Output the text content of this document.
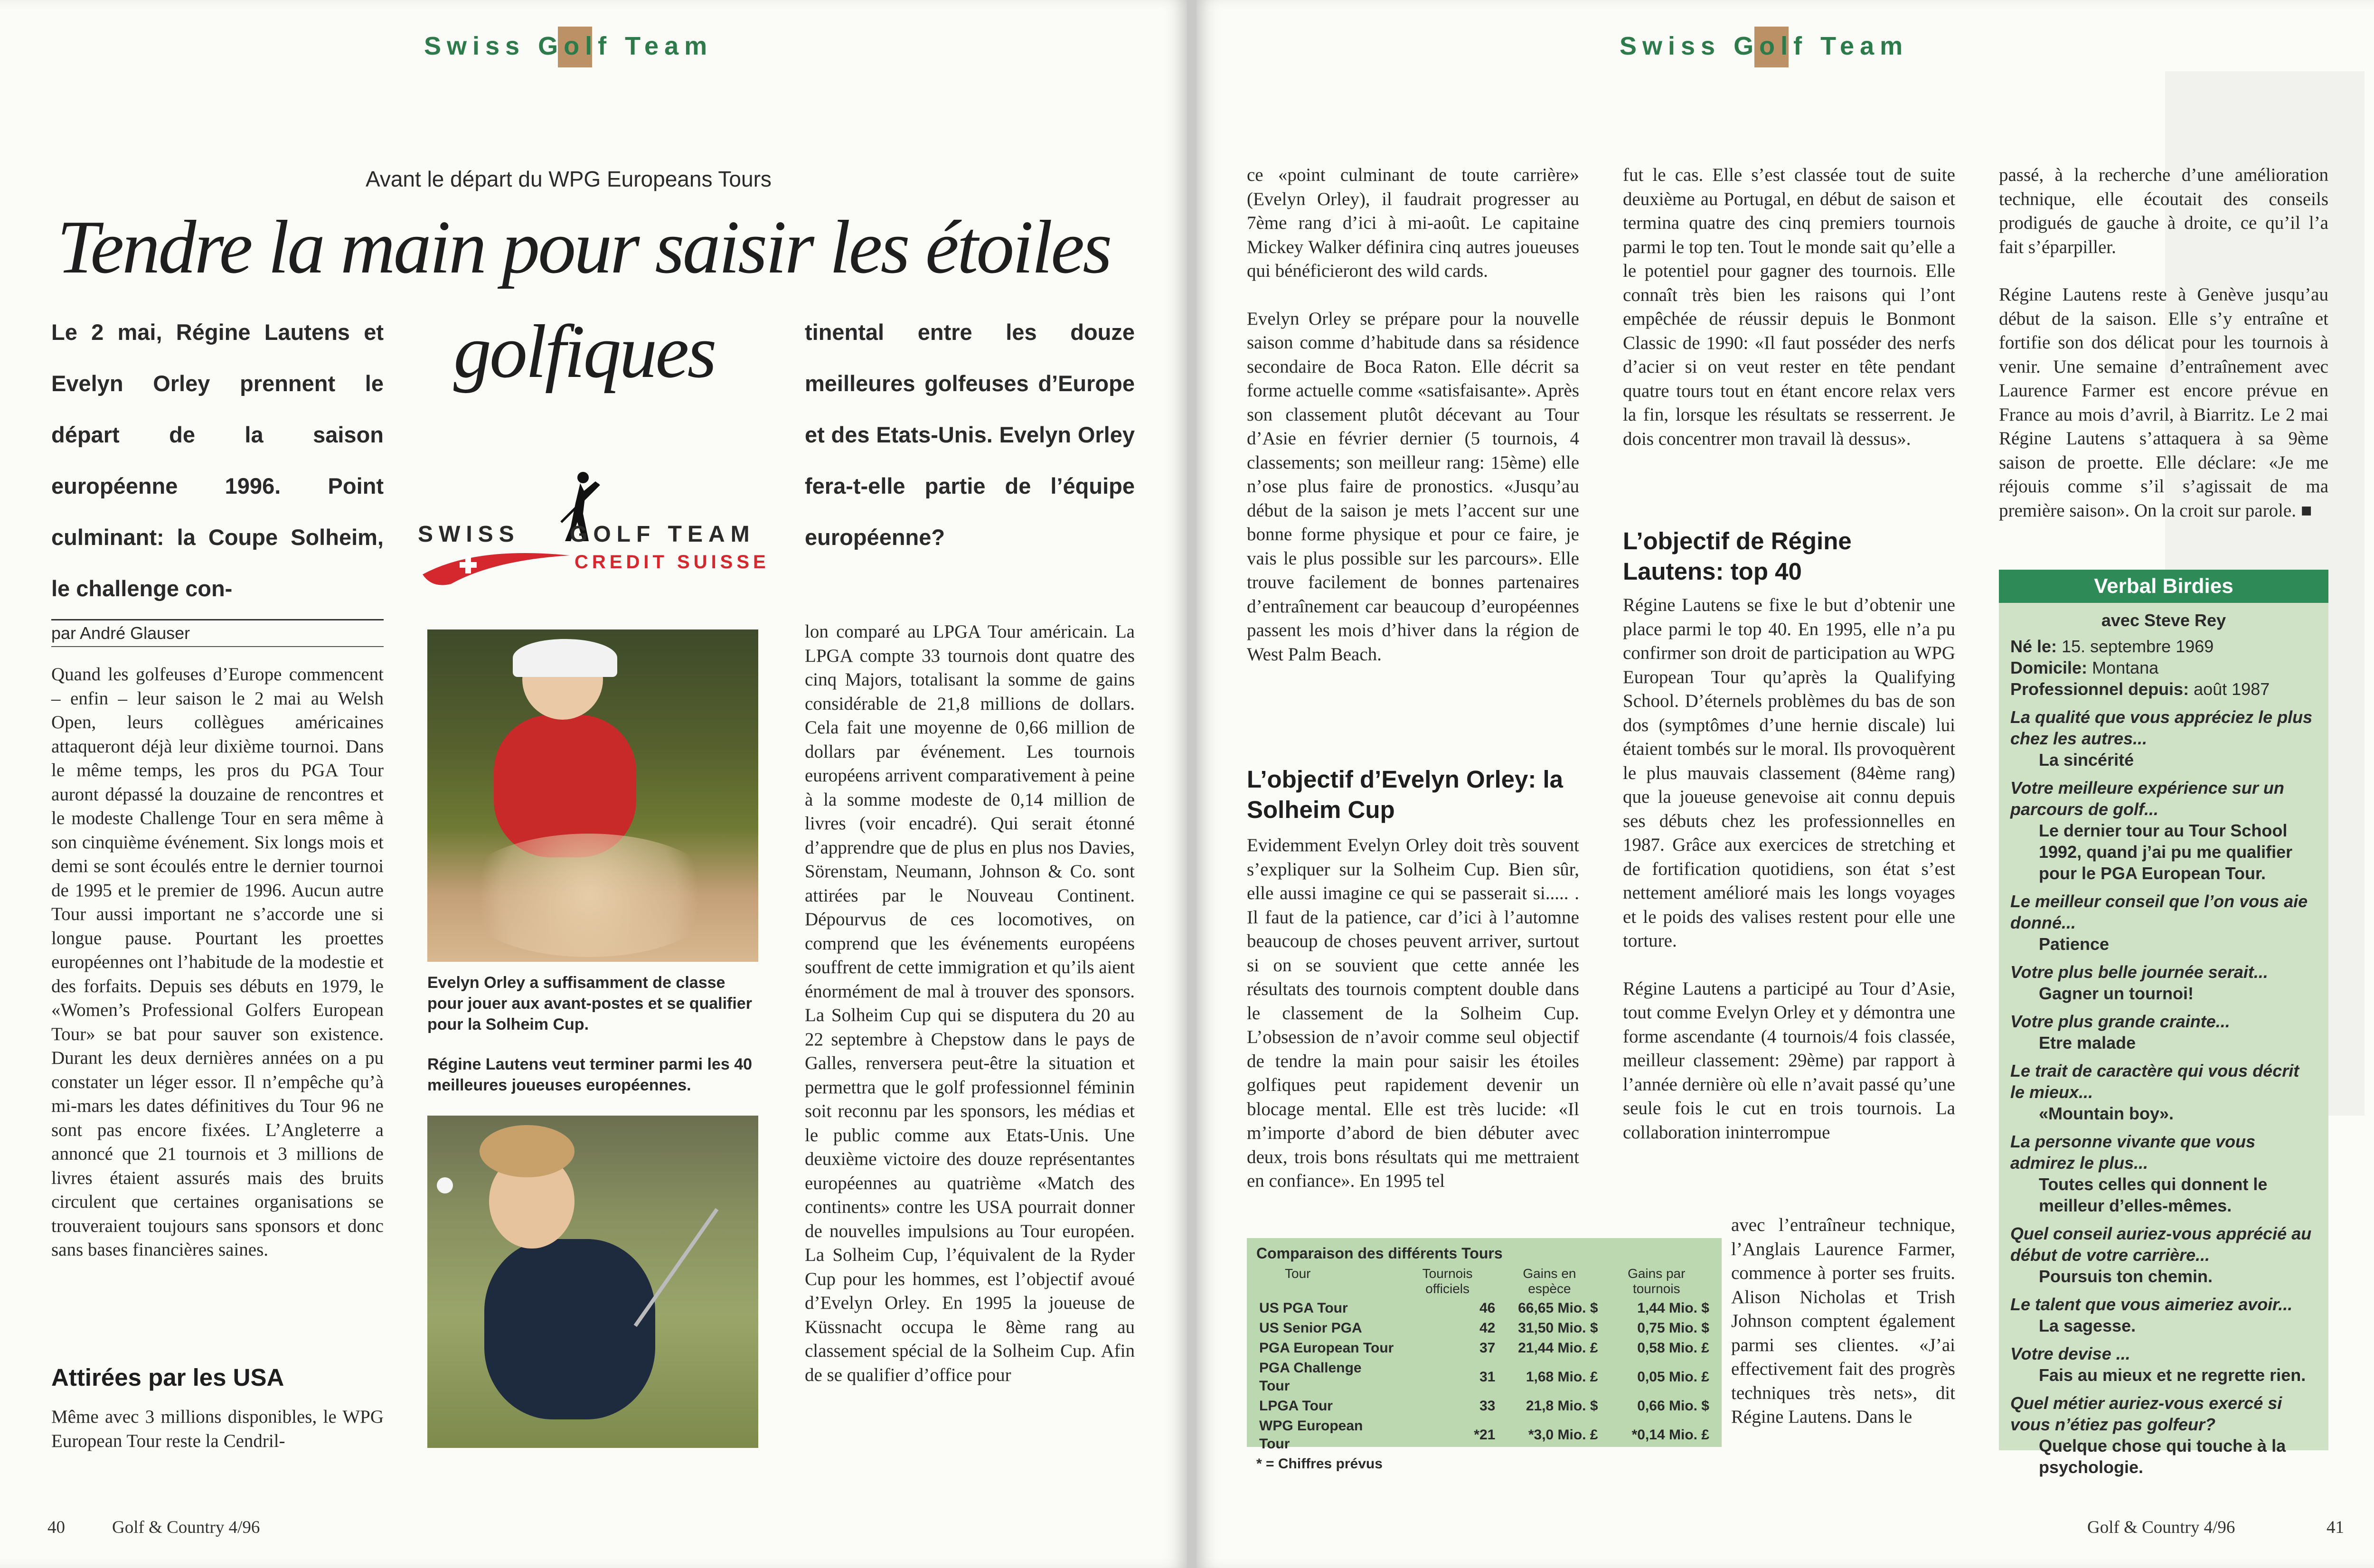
Swiss Golf Team
Avant le départ du WPG Europeans Tours
Tendre la main pour saisir les étoiles
golfiques

Le 2 mai, Régine Lautens et Evelyn Orley prennent le départ de la saison européenne 1996. Point culminant: la Coupe Solheim, le challenge con-

par André Glauser

Quand les golfeuses d’Europe commencent – enfin – leur saison le 2 mai au Welsh Open, leurs collègues américaines attaqueront déjà leur dixième tournoi. Dans le même temps, les pros du PGA Tour auront dépassé la douzaine de rencontres et le modeste Challenge Tour en sera même à son cinquième événement. Six longs mois et demi se sont écoulés entre le dernier tournoi de 1995 et le premier de 1996. Aucun autre Tour aussi important ne s’accorde une si longue pause. Pourtant les proettes européennes ont l’habitude de la modestie et des forfaits. Depuis ses débuts en 1979, le «Women’s Professional Golfers European Tour» se bat pour sauver son existence. Durant les deux dernières années on a pu constater un léger essor. Il n’empêche qu’à mi-mars les dates définitives du Tour 96 ne sont pas encore fixées. L’Angleterre a annoncé que 21 tournois et 3 millions de livres étaient assurés mais des bruits circulent que certaines organisations se trouveraient toujours sans sponsors et donc sans bases financières saines.

Attirées par les USA

Même avec 3 millions disponibles, le WPG European Tour reste la Cendril-

SWISS GOLF TEAM
CREDIT SUISSE

Evelyn Orley a suffisamment de classe pour jouer aux avant-postes et se qualifier pour la Solheim Cup.

Régine Lautens veut terminer parmi les 40 meilleures joueuses européennes.

tinental entre les douze meilleures golfeuses d’Europe et des Etats-Unis. Evelyn Orley fera-t-elle partie de l’équipe européenne?

lon comparé au LPGA Tour américain. La LPGA compte 33 tournois dont quatre des cinq Majors, totalisant la somme de gains considérable de 21,8 millions de dollars. Cela fait une moyenne de 0,66 million de dollars par événement. Les tournois européens arrivent comparativement à peine à la somme modeste de 0,14 million de livres (voir encadré). Qui serait étonné d’apprendre que de plus en plus nos Davies, Sörenstam, Neumann, Johnson & Co. sont attirées par le Nouveau Continent. Dépourvus de ces locomotives, on comprend que les événements européens souffrent de cette immigration et qu’ils aient énormément de mal à trouver des sponsors. La Solheim Cup qui se disputera du 20 au 22 septembre à Chepstow dans le pays de Galles, renversera peut-être la situation et permettra que le golf professionnel féminin soit reconnu par les sponsors, les médias et le public comme aux Etats-Unis. Une deuxième victoire des douze représentantes européennes au quatrième «Match des continents» contre les USA pourrait donner de nouvelles impulsions au Tour européen. La Solheim Cup, l’équivalent de la Ryder Cup pour les hommes, est l’objectif avoué d’Evelyn Orley. En 1995 la joueuse de Küssnacht occupa le 8ème rang au classement spécial de la Solheim Cup. Afin de se qualifier d’office pour

40	Golf & Country 4/96
Swiss Golf Team

ce «point culminant de toute carrière» (Evelyn Orley), il faudrait progresser au 7ème rang d’ici à mi-août. Le capitaine Mickey Walker définira cinq autres joueuses qui bénéficieront des wild cards.

Evelyn Orley se prépare pour la nouvelle saison comme d’habitude dans sa résidence secondaire de Boca Raton. Elle décrit sa forme actuelle comme «satisfaisante». Après son classement plutôt décevant au Tour d’Asie en février dernier (5 tournois, 4 classements; son meilleur rang: 15ème) elle n’ose plus faire de pronostics. «Jusqu’au début de la saison je mets l’accent sur une bonne forme physique et pour ce faire, je vais le plus possible sur les parcours». Elle trouve facilement de bonnes partenaires d’entraînement car beaucoup d’européennes passent les mois d’hiver dans la région de West Palm Beach.

L’objectif d’Evelyn Orley: la Solheim Cup

Evidemment Evelyn Orley doit très souvent s’expliquer sur la Solheim Cup. Bien sûr, elle aussi imagine ce qui se passerait si..... . Il faut de la patience, car d’ici à l’automne beaucoup de choses peuvent arriver, surtout si on se souvient que cette année les résultats des tournois comptent double dans le classement de la Solheim Cup. L’obsession de n’avoir comme seul objectif de tendre la main pour saisir les étoiles golfiques peut rapidement devenir un blocage mental. Elle est très lucide: «Il m’importe d’abord de bien débuter avec deux, trois bons résultats qui me mettraient en confiance». En 1995 tel

Comparaison des différents Tours
Tour	Tournois officiels	Gains en espèce	Gains par tournois
US PGA Tour	46	66,65 Mio. $	1,44 Mio. $
US Senior PGA	42	31,50 Mio. $	0,75 Mio. $
PGA European Tour	37	21,44 Mio. £	0,58 Mio. £
PGA Challenge Tour	31	1,68 Mio. £	0,05 Mio. £
LPGA Tour	33	21,8 Mio. $	0,66 Mio. $
WPG European Tour	*21	*3,0 Mio. £	*0,14 Mio. £
* = Chiffres prévus

fut le cas. Elle s’est classée tout de suite deuxième au Portugal, en début de saison et termina quatre des cinq premiers tournois parmi le top ten. Tout le monde sait qu’elle a le potentiel pour gagner des tournois. Elle connaît très bien les raisons qui l’ont empêchée de réussir depuis le Bonmont Classic de 1990: «Il faut posséder des nerfs d’acier si on veut rester en tête pendant quatre tours tout en étant encore relax vers la fin, lorsque les résultats se resserrent. Je dois concentrer mon travail là dessus».

L’objectif de Régine Lautens: top 40

Régine Lautens se fixe le but d’obtenir une place parmi le top 40. En 1995, elle n’a pu confirmer son droit de participation au WPG European Tour qu’après la Qualifying School. D’éternels problèmes du bas de son dos (symptômes d’une hernie discale) lui étaient tombés sur le moral. Ils provoquèrent le plus mauvais classement (84ème rang) que la joueuse genevoise ait connu depuis ses débuts chez les professionnelles en 1987. Grâce aux exercices de stretching et de fortification quotidiens, son état s’est nettement amélioré mais les longs voyages et le poids des valises restent pour elle une torture.

Régine Lautens a participé au Tour d’Asie, tout comme Evelyn Orley et y démontra une forme ascendante (4 tournois/4 fois classée, meilleur classement: 29ème) par rapport à l’année dernière où elle n’avait passé qu’une seule fois le cut en trois tournois. La collaboration ininterrompue

avec l’entraîneur technique, l’Anglais Laurence Farmer, commence à porter ses fruits. Alison Nicholas et Trish Johnson comptent également parmi ses clientes. «J’ai effectivement fait des progrès techniques très nets», dit Régine Lautens. Dans le

passé, à la recherche d’une amélioration technique, elle écoutait des conseils prodigués de gauche à droite, ce qu’il l’a fait s’éparpiller.

Régine Lautens reste à Genève jusqu’au début de la saison. Elle s’y entraîne et fortifie son dos délicat pour les tournois à venir. Une semaine d’entraînement avec Laurence Farmer est encore prévue en France au mois d’avril, à Biarritz. Le 2 mai Régine Lautens s’attaquera à sa 9ème saison de proette. Elle déclare: «Je me réjouis comme s’il s’agissait de ma première saison». On la croit sur parole. ■

Verbal Birdies
avec Steve Rey
Né le: 15. septembre 1969
Domicile: Montana
Professionnel depuis: août 1987
La qualité que vous appréciez le plus chez les autres...
La sincérité
Votre meilleure expérience sur un parcours de golf...
Le dernier tour au Tour School 1992, quand j’ai pu me qualifier pour le PGA European Tour.
Le meilleur conseil que l’on vous aie donné...
Patience
Votre plus belle journée serait...
Gagner un tournoi!
Votre plus grande crainte...
Etre malade
Le trait de caractère qui vous décrit le mieux...
«Mountain boy».
La personne vivante que vous admirez le plus...
Toutes celles qui donnent le meilleur d’elles-mêmes.
Quel conseil auriez-vous apprécié au début de votre carrière...
Poursuis ton chemin.
Le talent que vous aimeriez avoir...
La sagesse.
Votre devise ...
Fais au mieux et ne regrette rien.
Quel métier auriez-vous exercé si vous n’étiez pas golfeur?
Quelque chose qui touche à la psychologie.
Golf & Country 4/96	41
